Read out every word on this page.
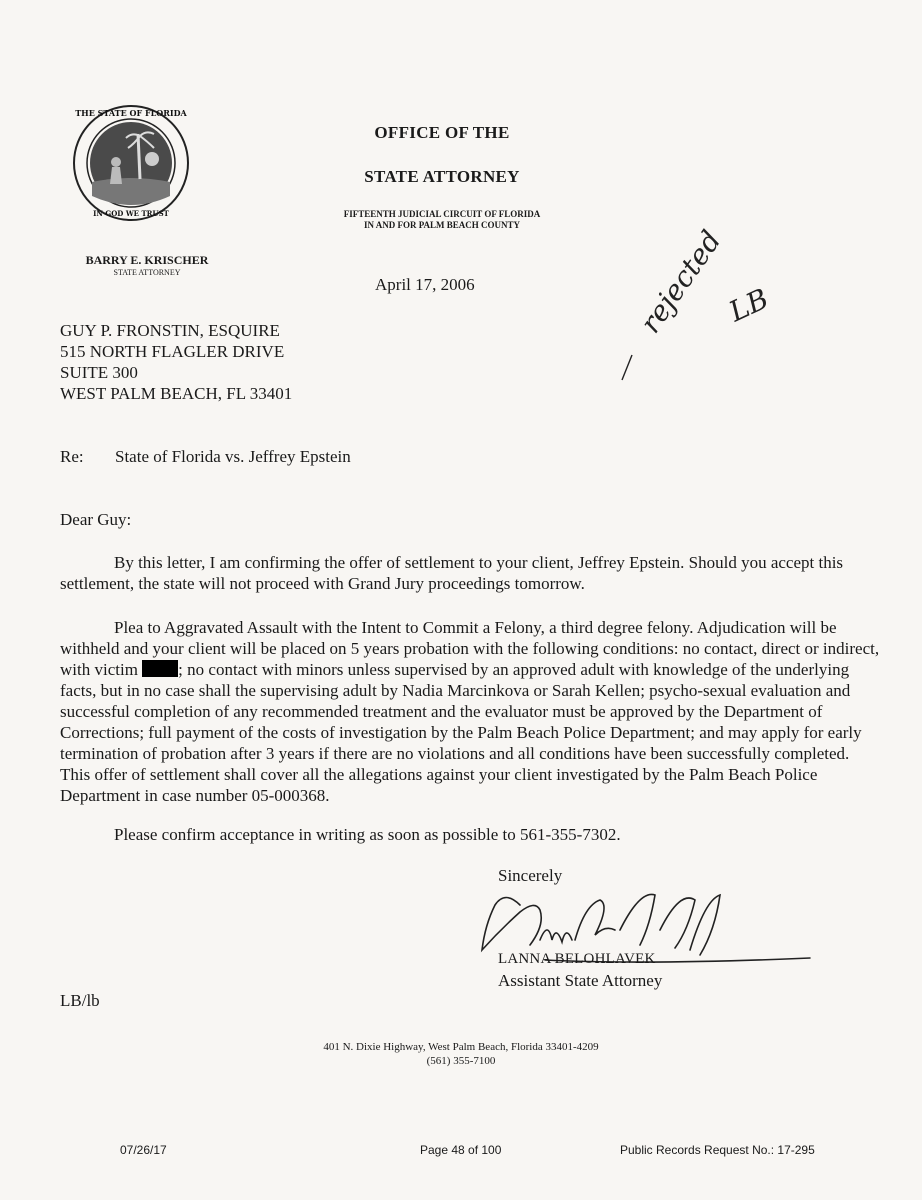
THE STATE OF FLORIDA
IN GOD WE TRUST
OFFICE OF THE
STATE ATTORNEY
FIFTEENTH JUDICIAL CIRCUIT OF FLORIDA
IN AND FOR PALM BEACH COUNTY
BARRY E. KRISCHER
STATE ATTORNEY
April 17, 2006
GUY P. FRONSTIN, ESQUIRE
515 NORTH FLAGLER DRIVE
SUITE 300
WEST PALM BEACH, FL 33401
Re: State of Florida vs. Jeffrey Epstein
Dear Guy:

By this letter, I am confirming the offer of settlement to your client, Jeffrey Epstein. Should you accept this settlement, the state will not proceed with Grand Jury proceedings tomorrow.

Plea to Aggravated Assault with the Intent to Commit a Felony, a third degree felony. Adjudication will be withheld and your client will be placed on 5 years probation with the following conditions: no contact, direct or indirect, with victim ; no contact with minors unless supervised by an approved adult with knowledge of the underlying facts, but in no case shall the supervising adult by Nadia Marcinkova or Sarah Kellen; psycho-sexual evaluation and successful completion of any recommended treatment and the evaluator must be approved by the Department of Corrections; full payment of the costs of investigation by the Palm Beach Police Department; and may apply for early termination of probation after 3 years if there are no violations and all conditions have been successfully completed. This offer of settlement shall cover all the allegations against your client investigated by the Palm Beach Police Department in case number 05-000368.

Please confirm acceptance in writing as soon as possible to 561-355-7302.

Sincerely
rejected
LB
LANNA BELOHLAVEK
Assistant State Attorney
LB/lb
401 N. Dixie Highway, West Palm Beach, Florida 33401-4209
(561) 355-7100
07/26/17	Page 48 of 100	Public Records Request No.: 17-295
